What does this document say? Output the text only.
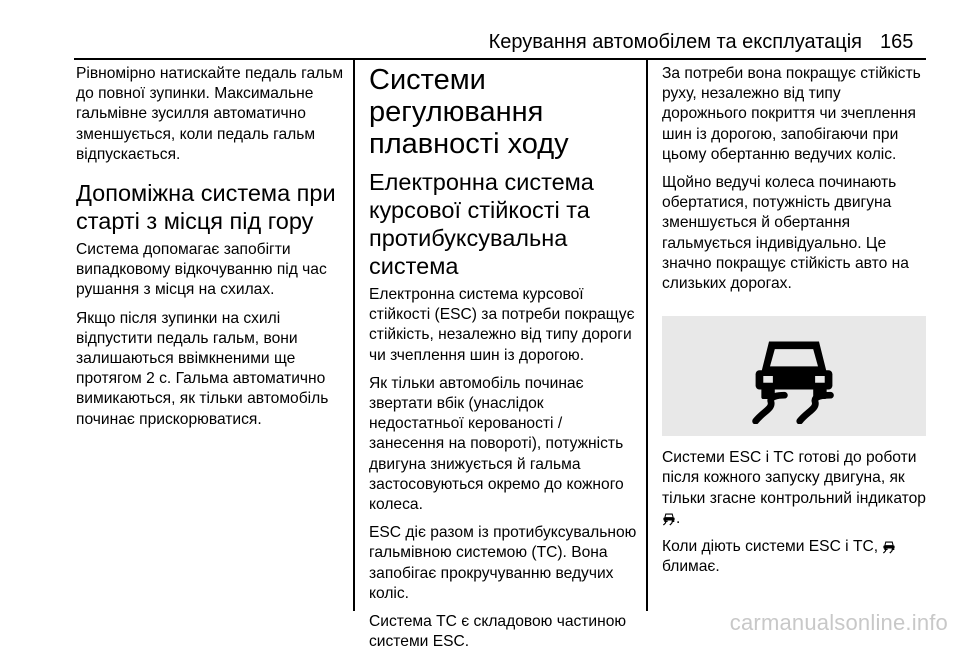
Керування автомобілем та експлуатація 165

Рівномірно натискайте педаль гальм до повної зупинки. Максимальне гальмівне зусилля автоматично зменшується, коли педаль гальм відпускається.

Допоміжна система при старті з місця під гору

Система допомагає запобігти випадковому відкочуванню під час рушання з місця на схилах.

Якщо після зупинки на схилі відпустити педаль гальм, вони залишаються ввімкненими ще протягом 2 с. Гальма автоматично вимикаються, як тільки автомобіль починає прискорюватися.

Системи регулювання плавності ходу
Електронна система курсової стійкості та протибуксувальна система

Електронна система курсової стійкості (ESC) за потреби покращує стійкість, незалежно від типу дороги чи зчеплення шин із дорогою.

Як тільки автомобіль починає звертати вбік (унаслідок недостатньої керованості / занесення на повороті), потужність двигуна знижується й гальма застосовуються окремо до кожного колеса.

ESC діє разом із протибуксувальною гальмівною системою (TC). Вона запобігає прокручуванню ведучих коліс.

Система TC є складовою частиною системи ESC.

За потреби вона покращує стійкість руху, незалежно від типу дорожнього покриття чи зчеплення шин із дорогою, запобігаючи при цьому обертанню ведучих коліс.

Щойно ведучі колеса починають обертатися, потужність двигуна зменшується й обертання гальмується індивідуально. Це значно покращує стійкість авто на слизьких дорогах.

Системи ESC і TC готові до роботи після кожного запуску двигуна, як тільки згасне контрольний індикатор .

Коли діють системи ESC і TC,
блимає.

carmanualsonline.info
